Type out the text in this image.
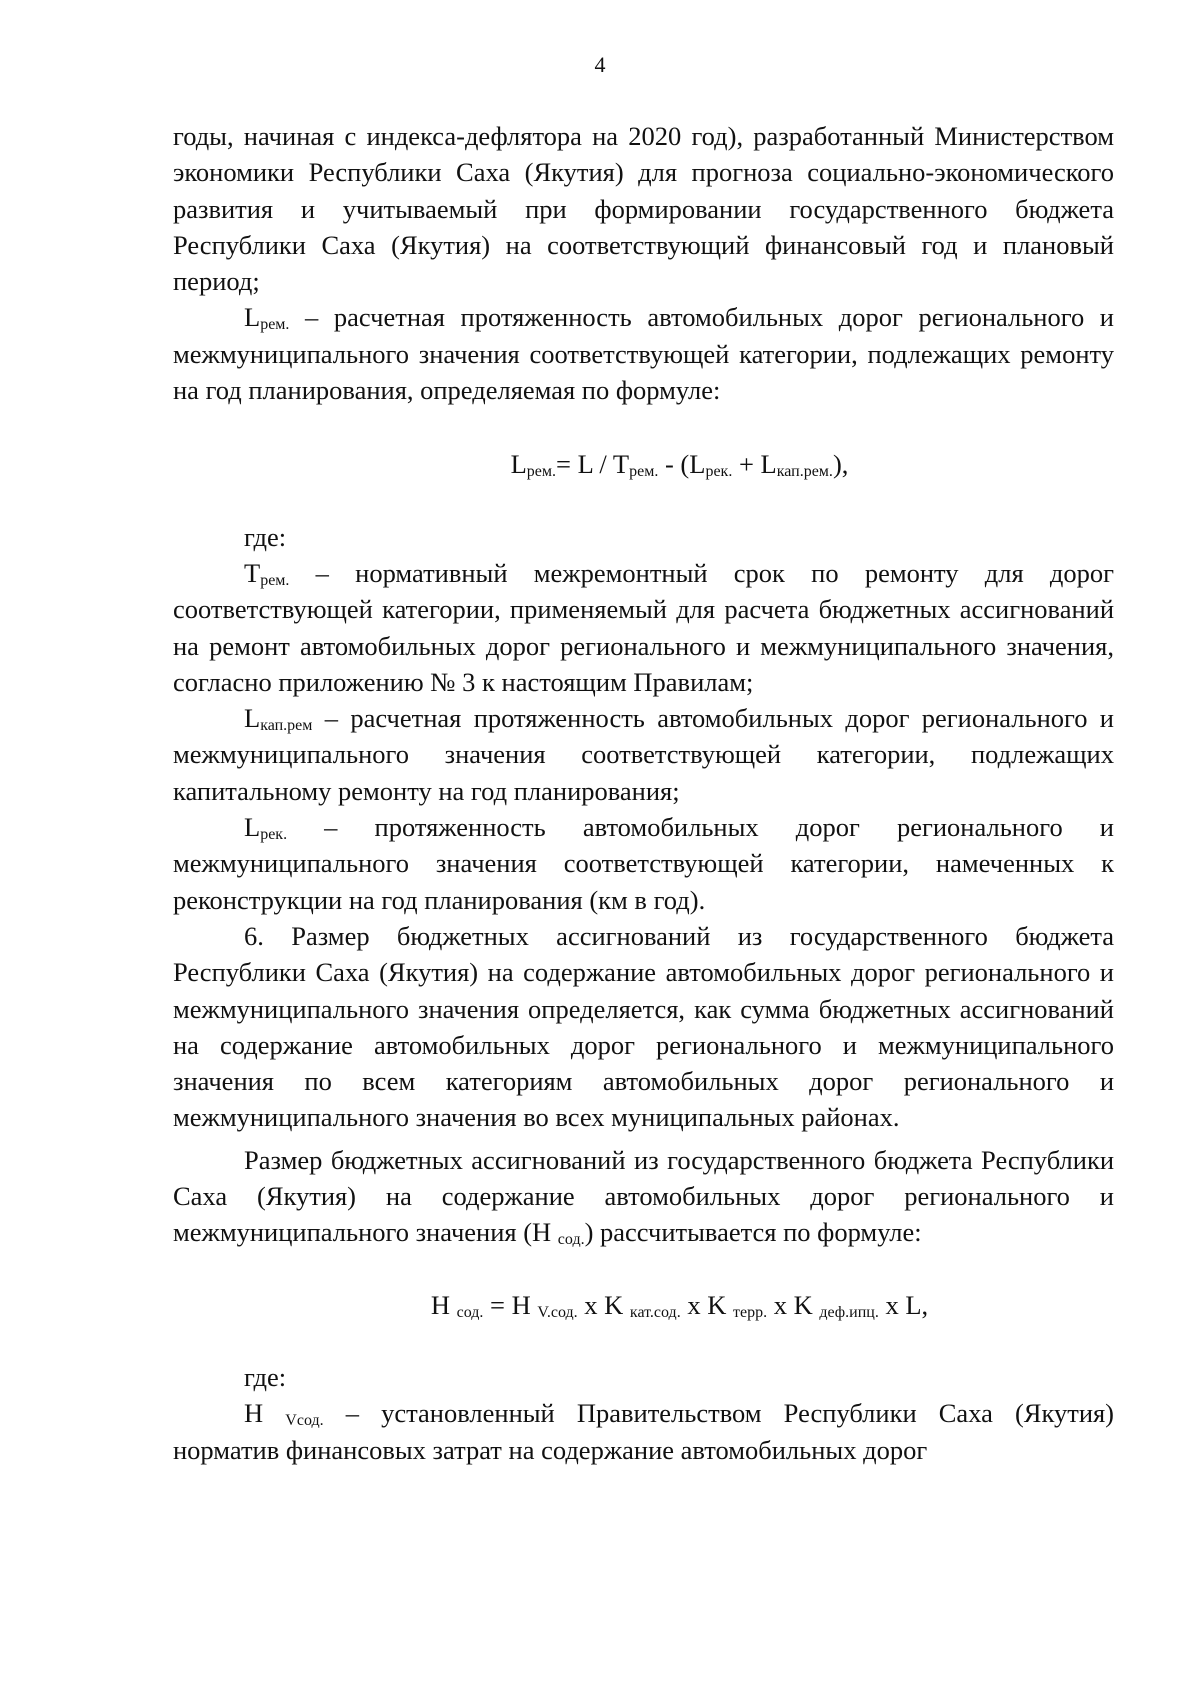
4

годы, начиная с индекса-дефлятора на 2020 год), разработанный Министерством экономики Республики Саха (Якутия) для прогноза социально-экономического развития и учитываемый при формировании государственного бюджета Республики Саха (Якутия) на соответствующий финансовый год и плановый период;

$L_{рем.}$ – расчетная протяженность автомобильных дорог регионального и межмуниципального значения соответствующей категории, подлежащих ремонту на год планирования, определяемая по формуле:

$L_{рем.}= L / T_{рем.} - (L_{рек.} + L_{кап.рем.})$,

где:

$T_{рем.}$ – нормативный межремонтный срок по ремонту для дорог соответствующей категории, применяемый для расчета бюджетных ассигнований на ремонт автомобильных дорог регионального и межмуниципального значения, согласно приложению № 3 к настоящим Правилам;

$L_{кап.рем}$ – расчетная протяженность автомобильных дорог регионального и межмуниципального значения соответствующей категории, подлежащих капитальному ремонту на год планирования;

$L_{рек.}$ – протяженность автомобильных дорог регионального и межмуниципального значения соответствующей категории, намеченных к реконструкции на год планирования (км в год).

6. Размер бюджетных ассигнований из государственного бюджета Республики Саха (Якутия) на содержание автомобильных дорог регионального и межмуниципального значения определяется, как сумма бюджетных ассигнований на содержание автомобильных дорог регионального и межмуниципального значения по всем категориям автомобильных дорог регионального и межмуниципального значения во всех муниципальных районах.

Размер бюджетных ассигнований из государственного бюджета Республики Саха (Якутия) на содержание автомобильных дорог регионального и межмуниципального значения (Н $_{сод.}$) рассчитывается по формуле:

Н $_{сод.}$ = Н $_{V.сод.}$ x K $_{кат.сод.}$ x K $_{терр.}$ x K $_{деф.ипц.}$ x L,

где:

Н $_{Vсод.}$ – установленный Правительством Республики Саха (Якутия) норматив финансовых затрат на содержание автомобильных дорог
